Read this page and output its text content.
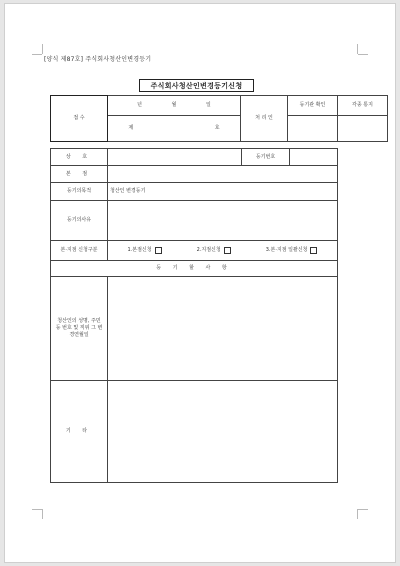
[양식 제87호] 주식회사청산인변경등기
주식회사청산인변경등기신청
접 수	년 월 일	처 리 인	등기관 확인	각종 통지
	제 호			
상 호		등기번호	
본 점			
등기의목적	청산인 변경등기		
등기의사유			
본·지점 신청구분	1.본점신청 2.지점신청 3.본·지점 일괄신청		

등 기 할 사 항			
청산인의 성명, 주민 등 번호 및 직위 그 변경연월일			
기 타			
